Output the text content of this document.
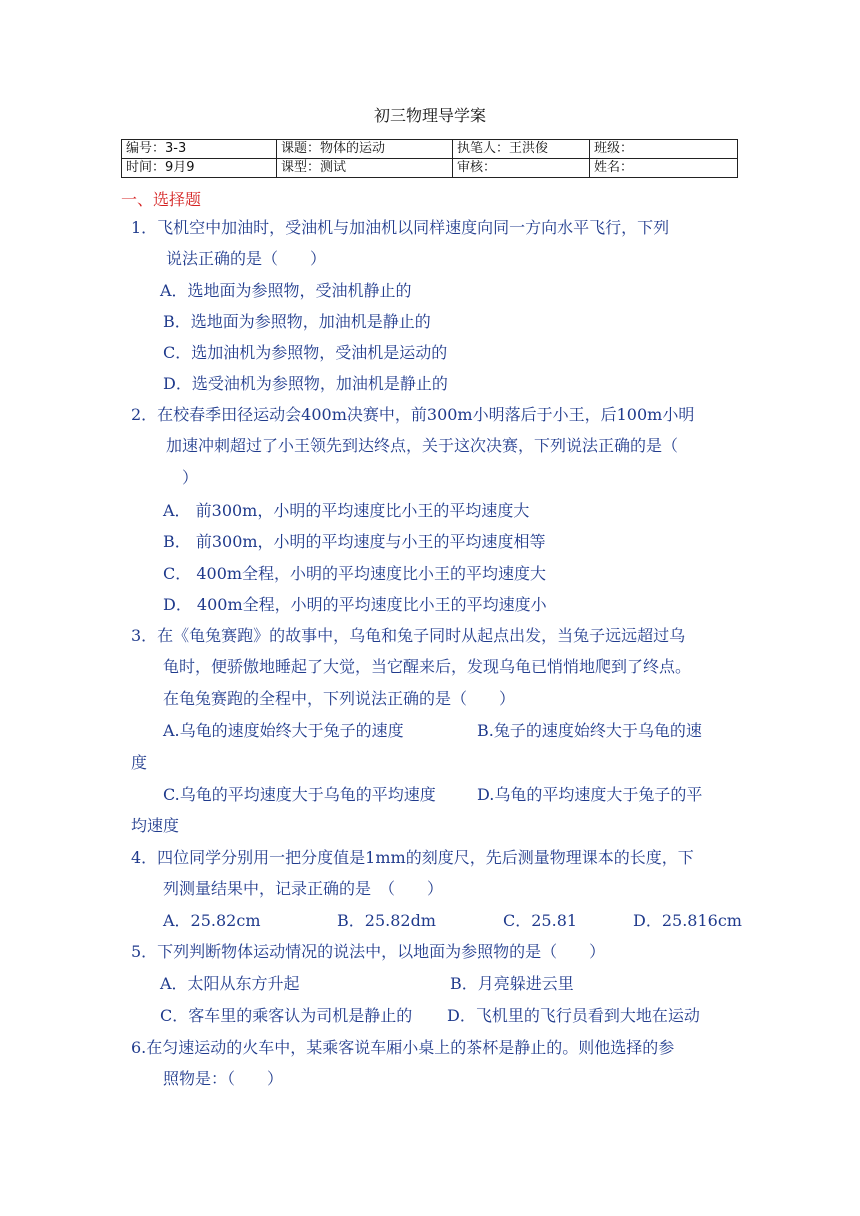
初三物理导学案
编号：3-3	课题：物体的运动	执笔人：王洪俊	班级：
时间：9月9	课型：测试	审核：	姓名：
一、选择题
1．飞机空中加油时，受油机与加油机以同样速度向同一方向水平飞行，下列
说法正确的是（　　）
A．选地面为参照物，受油机静止的
B．选地面为参照物，加油机是静止的
C．选加油机为参照物，受油机是运动的
D．选受油机为参照物，加油机是静止的
2．在校春季田径运动会400m决赛中，前300m小明落后于小王，后100m小明
加速冲刺超过了小王领先到达终点，关于这次决赛，下列说法正确的是（
）
A． 前300m，小明的平均速度比小王的平均速度大
B． 前300m，小明的平均速度与小王的平均速度相等
C． 400m全程，小明的平均速度比小王的平均速度大
D． 400m全程，小明的平均速度比小王的平均速度小
3．在《龟兔赛跑》的故事中，乌龟和兔子同时从起点出发，当兔子远远超过乌
龟时，便骄傲地睡起了大觉，当它醒来后，发现乌龟已悄悄地爬到了终点。
在龟兔赛跑的全程中，下列说法正确的是（　　）
A.乌龟的速度始终大于兔子的速度	B.兔子的速度始终大于乌龟的速
度
C.乌龟的平均速度大于乌龟的平均速度	D.乌龟的平均速度大于兔子的平
均速度
4．四位同学分别用一把分度值是1mm的刻度尺，先后测量物理课本的长度，下
列测量结果中，记录正确的是　（　　）
A．25.82cm	B．25.82dm	C．25.81	D．25.816cm
5．下列判断物体运动情况的说法中，以地面为参照物的是（　　）
A．太阳从东方升起	B．月亮躲进云里
C．客车里的乘客认为司机是静止的 D．飞机里的飞行员看到大地在运动
6.在匀速运动的火车中，某乘客说车厢小桌上的茶杯是静止的。则他选择的参
照物是：（　　）
